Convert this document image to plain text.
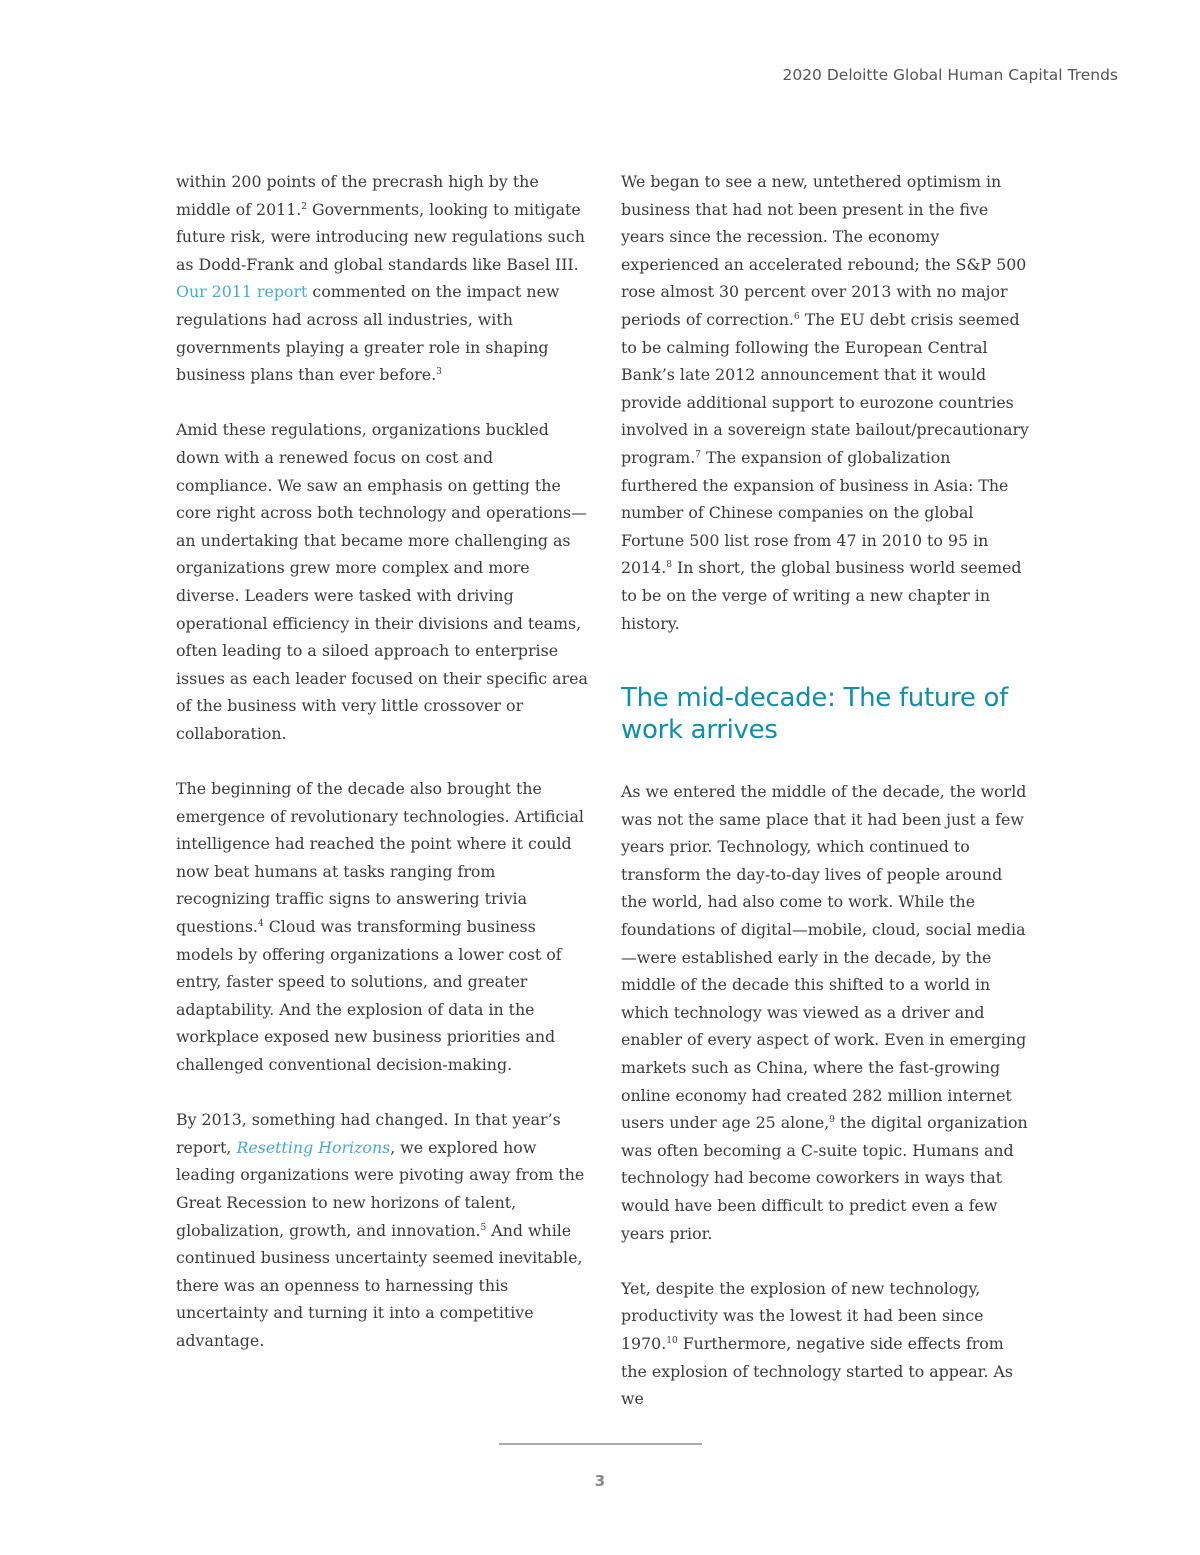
2020 Deloitte Global Human Capital Trends

within 200 points of the precrash high by the middle of 2011.$^2$ Governments, looking to mitigate future risk, were introducing new regulations such as Dodd-Frank and global standards like Basel III. Our 2011 report commented on the impact new regulations had across all industries, with governments playing a greater role in shaping business plans than ever before.$^3$

Amid these regulations, organizations buckled down with a renewed focus on cost and compliance. We saw an emphasis on getting the core right across both technology and operations—an undertaking that became more challenging as organizations grew more complex and more diverse. Leaders were tasked with driving operational efficiency in their divisions and teams, often leading to a siloed approach to enterprise issues as each leader focused on their specific area of the business with very little crossover or collaboration.

The beginning of the decade also brought the emergence of revolutionary technologies. Artificial intelligence had reached the point where it could now beat humans at tasks ranging from recognizing traffic signs to answering trivia questions.$^4$ Cloud was transforming business models by offering organizations a lower cost of entry, faster speed to solutions, and greater adaptability. And the explosion of data in the workplace exposed new business priorities and challenged conventional decision-making.

By 2013, something had changed. In that year’s report, Resetting Horizons, we explored how leading organizations were pivoting away from the Great Recession to new horizons of talent, globalization, growth, and innovation.$^5$ And while continued business uncertainty seemed inevitable, there was an openness to harnessing this uncertainty and turning it into a competitive advantage.

We began to see a new, untethered optimism in business that had not been present in the five years since the recession. The economy experienced an accelerated rebound; the S&P 500 rose almost 30 percent over 2013 with no major periods of correction.$^6$ The EU debt crisis seemed to be calming following the European Central Bank’s late 2012 announcement that it would provide additional support to eurozone countries involved in a sovereign state bailout/precautionary program.$^7$ The expansion of globalization furthered the expansion of business in Asia: The number of Chinese companies on the global Fortune 500 list rose from 47 in 2010 to 95 in 2014.$^8$ In short, the global business world seemed to be on the verge of writing a new chapter in history.

The mid-decade: The future of work arrives

As we entered the middle of the decade, the world was not the same place that it had been just a few years prior. Technology, which continued to transform the day-to-day lives of people around the world, had also come to work. While the foundations of digital—mobile, cloud, social media—were established early in the decade, by the middle of the decade this shifted to a world in which technology was viewed as a driver and enabler of every aspect of work. Even in emerging markets such as China, where the fast-growing online economy had created 282 million internet users under age 25 alone,$^9$ the digital organization was often becoming a C-suite topic. Humans and technology had become coworkers in ways that would have been difficult to predict even a few years prior.

Yet, despite the explosion of new technology, productivity was the lowest it had been since 1970.10 Furthermore, negative side effects from the explosion of technology started to appear. As we

3
